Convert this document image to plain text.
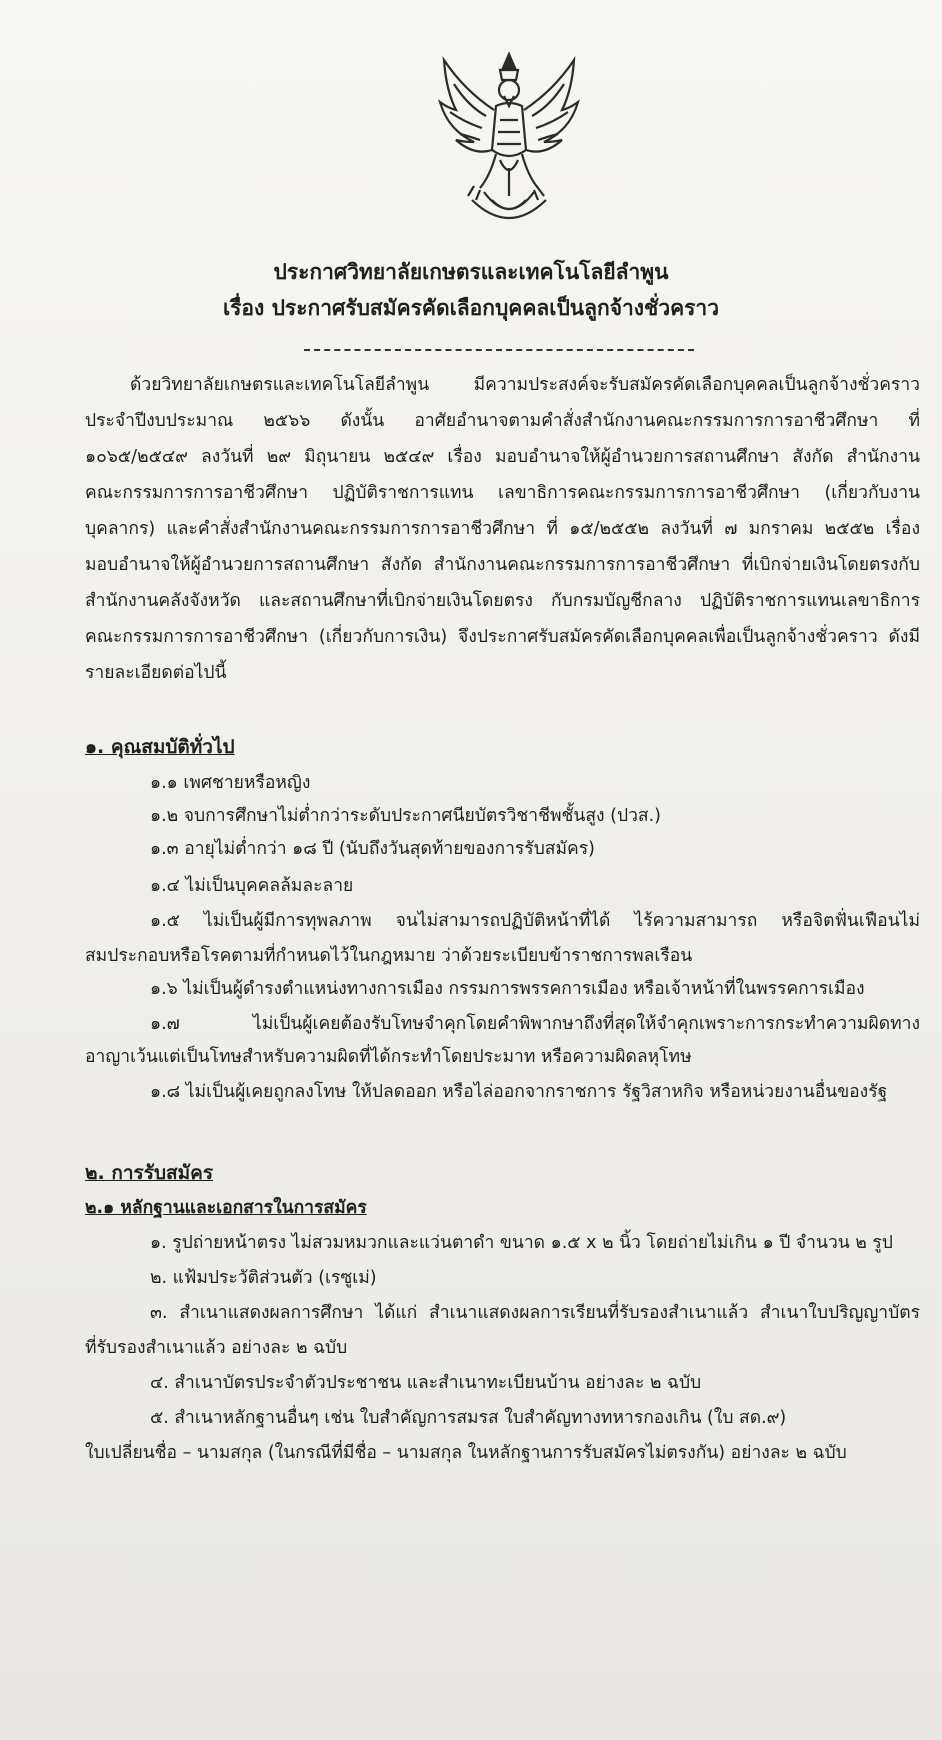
ประกาศวิทยาลัยเกษตรและเทคโนโลยีลำพูน
เรื่อง ประกาศรับสมัครคัดเลือกบุคคลเป็นลูกจ้างชั่วคราว
ด้วยวิทยาลัยเกษตรและเทคโนโลยีลำพูน มีความประสงค์จะรับสมัครคัดเลือกบุคคลเป็นลูกจ้างชั่วคราว
ประจำปีงบประมาณ ๒๕๖๖ ดังนั้น อาศัยอำนาจตามคำสั่งสำนักงานคณะกรรมการการอาชีวศึกษา ที่
๑๐๖๕/๒๕๔๙ ลงวันที่ ๒๙ มิถุนายน ๒๕๔๙ เรื่อง มอบอำนาจให้ผู้อำนวยการสถานศึกษา สังกัด สำนักงาน
คณะกรรมการการอาชีวศึกษา ปฏิบัติราชการแทน เลขาธิการคณะกรรมการการอาชีวศึกษา (เกี่ยวกับงาน
บุคลากร) และคำสั่งสำนักงานคณะกรรมการการอาชีวศึกษา ที่ ๑๕/๒๕๕๒ ลงวันที่ ๗ มกราคม ๒๕๕๒ เรื่อง
มอบอำนาจให้ผู้อำนวยการสถานศึกษา สังกัด สำนักงานคณะกรรมการการอาชีวศึกษา ที่เบิกจ่ายเงินโดยตรงกับ
สำนักงานคลังจังหวัด และสถานศึกษาที่เบิกจ่ายเงินโดยตรง กับกรมบัญชีกลาง ปฏิบัติราชการแทนเลขาธิการ
คณะกรรมการการอาชีวศึกษา (เกี่ยวกับการเงิน) จึงประกาศรับสมัครคัดเลือกบุคคลเพื่อเป็นลูกจ้างชั่วคราว ดังมี
รายละเอียดต่อไปนี้
๑. คุณสมบัติทั่วไป
๑.๑ เพศชายหรือหญิง
๑.๒ จบการศึกษาไม่ต่ำกว่าระดับประกาศนียบัตรวิชาชีพชั้นสูง (ปวส.)
๑.๓ อายุไม่ต่ำกว่า ๑๘ ปี (นับถึงวันสุดท้ายของการรับสมัคร)
๑.๔ ไม่เป็นบุคคลล้มละลาย
๑.๕ ไม่เป็นผู้มีการทุพลภาพ จนไม่สามารถปฏิบัติหน้าที่ได้ ไร้ความสามารถ หรือจิตฟั่นเฟือนไม่
สมประกอบหรือโรคตามที่กำหนดไว้ในกฎหมาย ว่าด้วยระเบียบข้าราชการพลเรือน
๑.๖ ไม่เป็นผู้ดำรงตำแหน่งทางการเมือง กรรมการพรรคการเมือง หรือเจ้าหน้าที่ในพรรคการเมือง
๑.๗ ไม่เป็นผู้เคยต้องรับโทษจำคุกโดยคำพิพากษาถึงที่สุดให้จำคุกเพราะการกระทำความผิดทาง
อาญาเว้นแต่เป็นโทษสำหรับความผิดที่ได้กระทำโดยประมาท หรือความผิดลหุโทษ
๑.๘ ไม่เป็นผู้เคยถูกลงโทษ ให้ปลดออก หรือไล่ออกจากราชการ รัฐวิสาหกิจ หรือหน่วยงานอื่นของรัฐ
๒. การรับสมัคร
๒.๑ หลักฐานและเอกสารในการสมัคร
๑. รูปถ่ายหน้าตรง ไม่สวมหมวกและแว่นตาดำ ขนาด ๑.๕ x ๒ นิ้ว โดยถ่ายไม่เกิน ๑ ปี จำนวน ๒ รูป
๒. แฟ้มประวัติส่วนตัว (เรซูเม่)
๓. สำเนาแสดงผลการศึกษา ได้แก่ สำเนาแสดงผลการเรียนที่รับรองสำเนาแล้ว สำเนาใบปริญญาบัตร
ที่รับรองสำเนาแล้ว อย่างละ ๒ ฉบับ
๔. สำเนาบัตรประจำตัวประชาชน และสำเนาทะเบียนบ้าน อย่างละ ๒ ฉบับ
๕. สำเนาหลักฐานอื่นๆ เช่น ใบสำคัญการสมรส ใบสำคัญทางทหารกองเกิน (ใบ สด.๙)
ใบเปลี่ยนชื่อ – นามสกุล (ในกรณีที่มีชื่อ – นามสกุล ในหลักฐานการรับสมัครไม่ตรงกัน) อย่างละ ๒ ฉบับ
